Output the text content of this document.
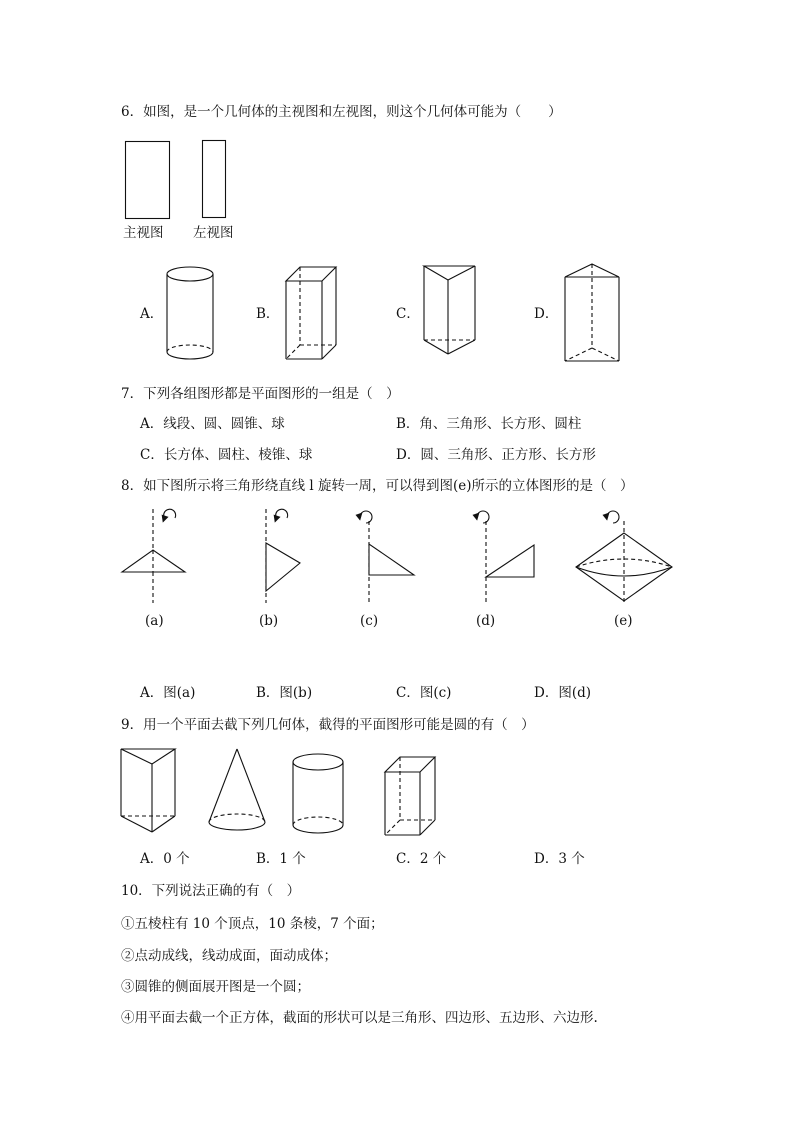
6．如图，是一个几何体的主视图和左视图，则这个几何体可能为（　　）
主视图 左视图
A．	B．	C．	D．
7．下列各组图形都是平面图形的一组是（　）
A．线段、圆、圆锥、球	B．角、三角形、长方形、圆柱
C．长方体、圆柱、棱锥、球	D．圆、三角形、正方形、长方形
8．如下图所示将三角形绕直线 l 旋转一周，可以得到图(e)所示的立体图形的是（　）
(a)	(b)	(c)	(d)	(e)
A．图(a)	B．图(b)	C．图(c)	D．图(d)
9．用一个平面去截下列几何体，截得的平面图形可能是圆的有（　）
A．0 个	B．1 个	C．2 个	D．3 个
10．下列说法正确的有（　）
①五棱柱有 10 个顶点，10 条棱，7 个面；
②点动成线，线动成面，面动成体；
③圆锥的侧面展开图是一个圆；
④用平面去截一个正方体，截面的形状可以是三角形、四边形、五边形、六边形.
